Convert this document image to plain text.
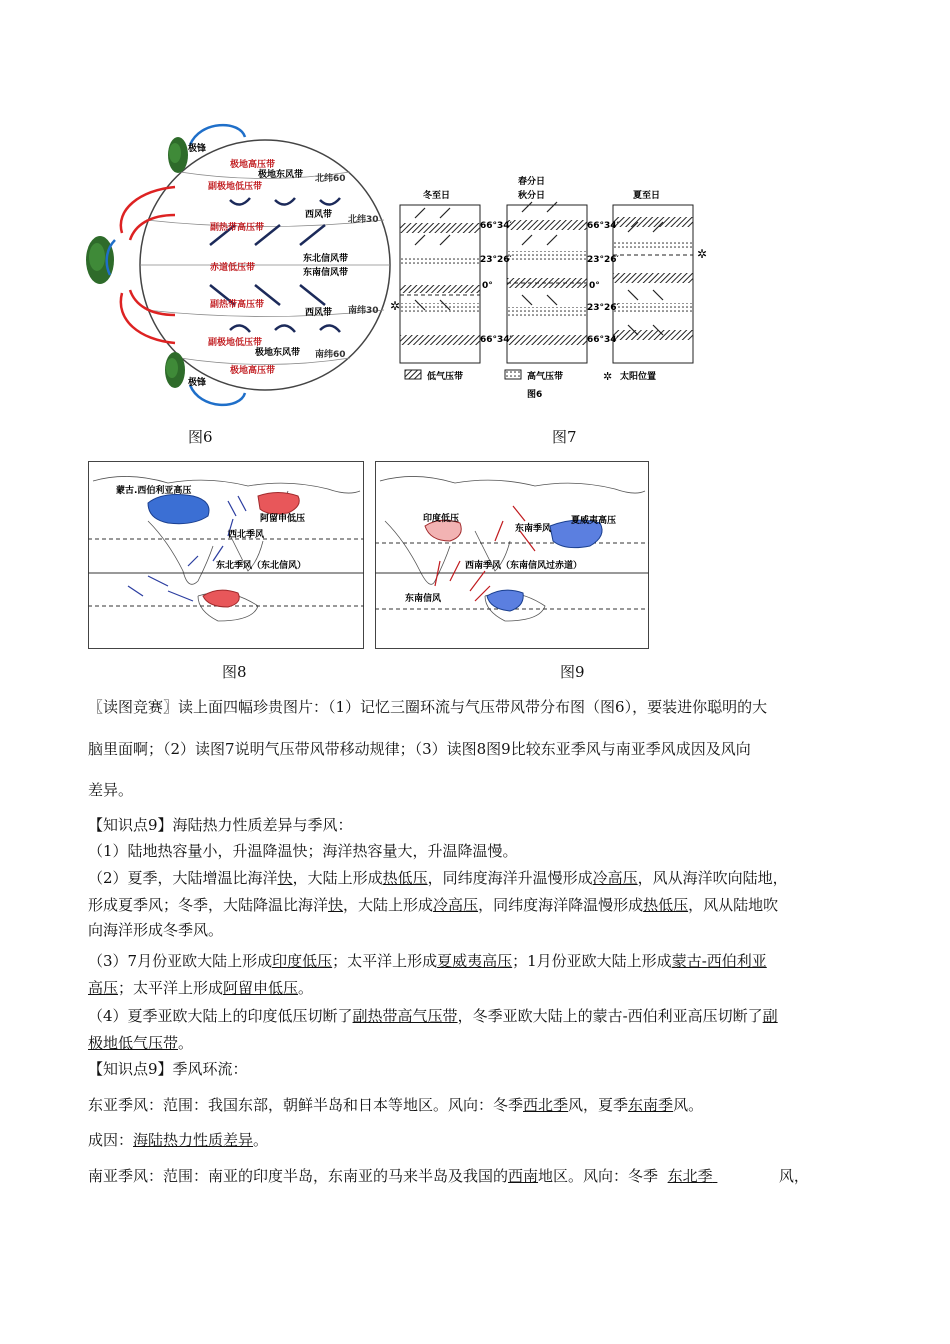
极地高压带
副极地低压带
副热带高压带
赤道低压带
副热带高压带
副极地低压带
极地高压带
极地东风带
西风带
东北信风带
东南信风带
西风带
极地东风带
北纬60
北纬30
南纬30
南纬60
极锋
极锋
图6
冬至日
春分日
秋分日	夏至日
66°34′
23°26′
0°
66°34′
23°26′
0°
23°26′
66°34′
66°34′
✲
✲
低气压带	高气压带	✲ 太阳位置
图6
图7
蒙古.西伯利亚高压
阿留申低压
西北季风
东北季风（东北信风）
图8
印度低压
东南季风
夏威夷高压
西南季风（东南信风过赤道）
东南信风
图9
〖读图竞赛〗读上面四幅珍贵图片：（1）记忆三圈环流与气压带风带分布图（图6），要装进你聪明的大
脑里面啊；（2）读图7说明气压带风带移动规律；（3）读图8图9比较东亚季风与南亚季风成因及风向
差异。
【知识点9】海陆热力性质差异与季风：
（1）陆地热容量小，升温降温快；海洋热容量大，升温降温慢。
（2）夏季，大陆增温比海洋快，大陆上形成热低压，同纬度海洋升温慢形成冷高压，风从海洋吹向陆地，
形成夏季风；冬季，大陆降温比海洋快，大陆上形成冷高压，同纬度海洋降温慢形成热低压，风从陆地吹
向海洋形成冬季风。
（3）7月份亚欧大陆上形成印度低压；太平洋上形成夏威夷高压；1月份亚欧大陆上形成蒙古-西伯利亚
高压；太平洋上形成阿留申低压。
（4）夏季亚欧大陆上的印度低压切断了副热带高气压带，冬季亚欧大陆上的蒙古-西伯利亚高压切断了副
极地低气压带。
【知识点9】季风环流：
东亚季风：范围：我国东部，朝鲜半岛和日本等地区。风向：冬季西北季风，夏季东南季风。
成因：海陆热力性质差异。
南亚季风：范围：南亚的印度半岛，东南亚的马来半岛及我国的西南地区。风向：冬季 东北季	风，
